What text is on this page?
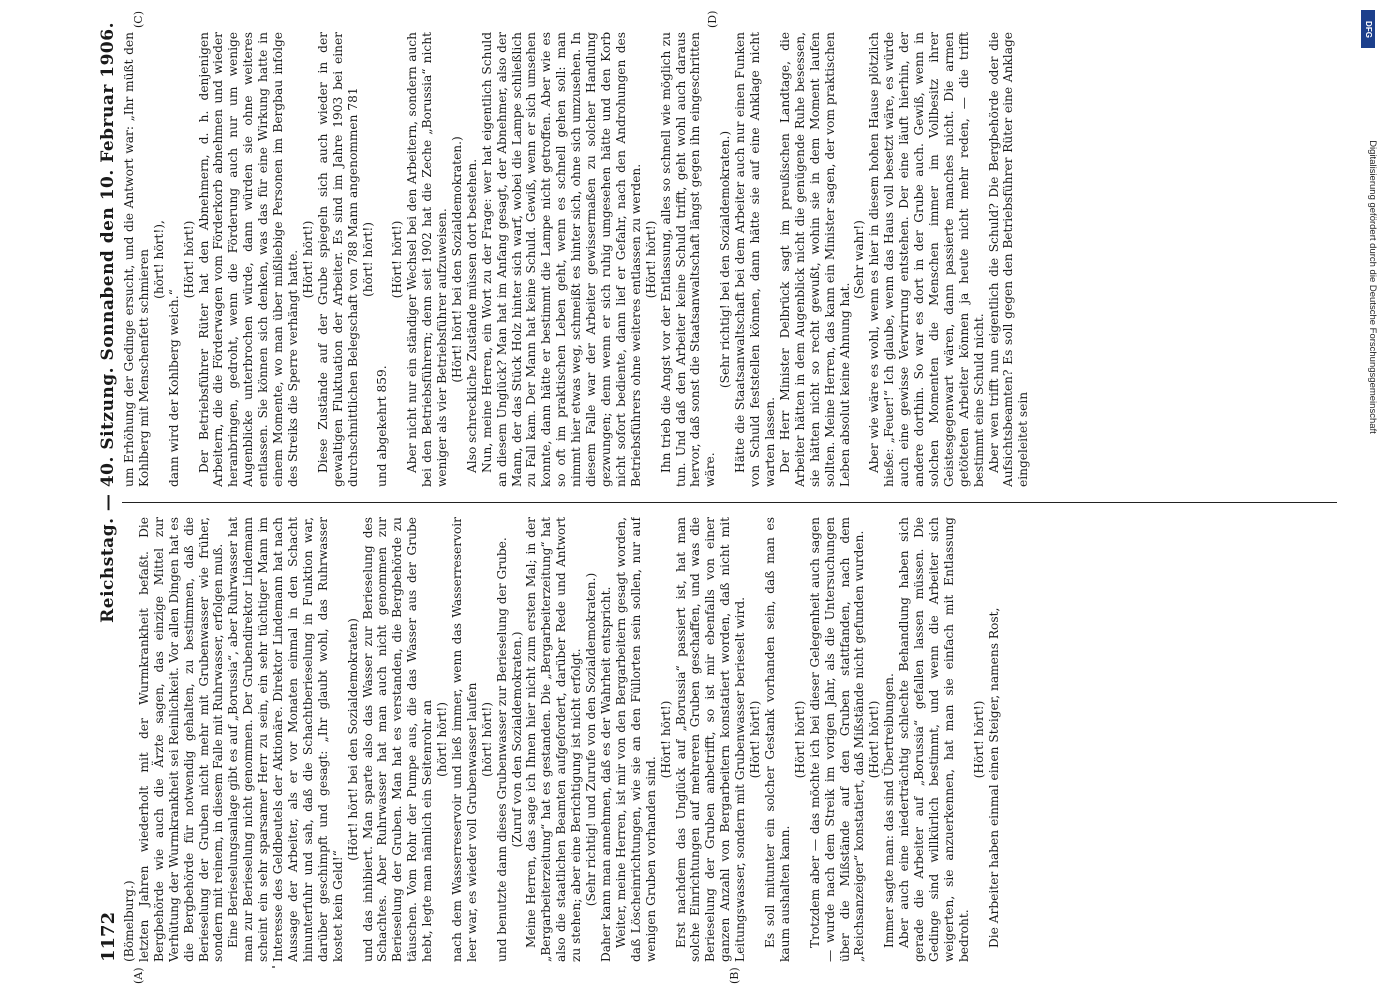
1172
Reichstag. — 40. Sitzung. Sonnabend den 10. Februar 1906.

(Bömelburg.) letzten Jahren wiederholt mit der Wurmkrankheit befaßt. Die Bergbehörde wie auch die Ärzte sagen, das einzige Mittel zur Verhütung der Wurmkrankheit sei Reinlichkeit. Vor allen Dingen hat es die Bergbehörde für notwendig gehalten, zu bestimmen, daß die Berieselung der Gruben nicht mehr mit Grubenwasser wie früher, sondern mit reinem, in diesem Falle mit Ruhrwasser, erfolgen muß. Eine Berieselungsanlage gibt es auf „Borussia“, aber Ruhrwasser hat man zur Berieselung nicht genommen. Der Grubendirektor Lindemann scheint ein sehr sparsamer Herr zu sein, ein sehr tüchtiger Mann im Interesse des Geldbeutels der Aktionäre. Direktor Lindemann hat nach Aussage der Arbeiter, als er vor Monaten einmal in den Schacht hinunterfuhr und sah, daß die Schachtberieselung in Funktion war, darüber geschimpft und gesagt: „Ihr glaubt wohl, das Ruhrwasser kostet kein Geld!“

(Hört! hört! bei den Sozialdemokraten) und das inhibiert. Man sparte also das Wasser zur Berieselung des Schachtes. Aber Ruhrwasser hat man auch nicht genommen zur Berieselung der Gruben. Man hat es verstanden, die Bergbehörde zu täuschen. Vom Rohr der Pumpe aus, die das Wasser aus der Grube hebt, legte man nämlich ein Seitenrohr an (hört! hört!) nach dem Wasserreservoir und ließ immer, wenn das Wasserreservoir leer war, es wieder voll Grubenwasser laufen (hört! hört!) und benutzte dann dieses Grubenwasser zur Berieselung der Grube. (Zuruf von den Sozialdemokraten.) Meine Herren, das sage ich Ihnen hier nicht zum ersten Mal; in der „Bergarbeiterzeitung“ hat es gestanden. Die „Bergarbeiterzeitung“ hat also die staatlichen Beamten aufgefordert, darüber Rede und Antwort zu stehen; aber eine Berichtigung ist nicht erfolgt. (Sehr richtig! und Zurufe von den Sozialdemokraten.) Daher kann man annehmen, daß es der Wahrheit entspricht. Weiter, meine Herren, ist mir von den Bergarbeitern gesagt worden, daß Löscheinrichtungen, wie sie an den Füllorten sein sollen, nur auf wenigen Gruben vorhanden sind.

(Hört! hört!) Erst nachdem das Unglück auf „Borussia“ passiert ist, hat man solche Einrichtungen auf mehreren Gruben geschaffen, und was die Berieselung der Gruben anbetrifft, so ist mir ebenfalls von einer ganzen Anzahl von Bergarbeitern konstatiert worden, daß nicht mit Leitungswasser, sondern mit Grubenwasser berieselt wird. (Hört! hört!) Es soll mitunter ein solcher Gestank vorhanden sein, daß man es kaum aushalten kann.

(Hört! hört!) Trotzdem aber — das möchte ich bei dieser Gelegenheit auch sagen — wurde nach dem Streik im vorigen Jahr, als die Untersuchungen über die Mißstände auf den Gruben stattfanden, nach dem „Reichsanzeiger“ konstatiert, daß Mißstände nicht gefunden wurden. (Hört! hört!) Immer sagte man: das sind Übertreibungen. Aber auch eine niederträchtig schlechte Behandlung haben sich gerade die Arbeiter auf „Borussia“ gefallen lassen müssen. Die Gedinge sind willkürlich bestimmt, und wenn die Arbeiter sich weigerten, sie anzuerkennen, hat man sie einfach mit Entlassung bedroht.

(Hört! hört!) Die Arbeiter haben einmal einen Steiger, namens Rost,

um Erhöhung der Gedinge ersucht, und die Antwort war: „Ihr müßt den Kohlberg mit Menschenfett schmieren (hört! hört!),

dann wird der Kohlberg weich.“

(Hört! hört!) Der Betriebsführer Rüter hat den Abnehmern, d. h. denjenigen Arbeitern, die die Förderwagen vom Förderkorb abnehmen und wieder heranbringen, gedroht, wenn die Förderung auch nur um wenige Augenblicke unterbrochen würde, dann würden sie ohne weiteres entlassen. Sie können sich denken, was das für eine Wirkung hatte in einem Momente, wo man über mißliebige Personen im Bergbau infolge des Streiks die Sperre verhängt hatte. (Hört! hört!) Diese Zustände auf der Grube spiegeln sich auch wieder in der gewaltigen Fluktuation der Arbeiter. Es sind im Jahre 1903 bei einer durchschnittlichen Belegschaft von 788 Mann angenommen 781 (hört! hört!)

und abgekehrt 859.

(Hört! hört!) Aber nicht nur ein ständiger Wechsel bei den Arbeitern, sondern auch bei den Betriebsführern; denn seit 1902 hat die Zeche „Borussia“ nicht weniger als vier Betriebsführer aufzuweisen. (Hört! hört! bei den Sozialdemokraten.) Also schreckliche Zustände müssen dort bestehen. Nun, meine Herren, ein Wort zu der Frage: wer hat eigentlich Schuld an diesem Unglück? Man hat im Anfang gesagt, der Abnehmer, also der Mann, der das Stück Holz hinter sich warf, wobei die Lampe schließlich zu Fall kam. Der Mann hat keine Schuld. Gewiß, wenn er sich umsehen konnte, dann hätte er bestimmt die Lampe nicht getroffen. Aber wie es so oft im praktischen Leben geht, wenn es schnell gehen soll: man nimmt hier etwas weg, schmeißt es hinter sich, ohne sich umzusehen. In diesem Falle war der Arbeiter gewissermaßen zu solcher Handlung gezwungen; denn wenn er sich ruhig umgesehen hätte und den Korb nicht sofort bediente, dann lief er Gefahr, nach den Androhungen des Betriebsführers ohne weiteres entlassen zu werden. (Hört! hört!) Ihn trieb die Angst vor der Entlassung, alles so schnell wie möglich zu tun. Und daß den Arbeiter keine Schuld trifft, geht wohl auch daraus hervor, daß sonst die Staatsanwaltschaft längst gegen ihn eingeschritten wäre.

(Sehr richtig! bei den Sozialdemokraten.) Hätte die Staatsanwaltschaft bei dem Arbeiter auch nur einen Funken von Schuld feststellen können, dann hätte sie auf eine Anklage nicht warten lassen. Der Herr Minister Delbrück sagt im preußischen Landtage, die Arbeiter hätten in dem Augenblick nicht die genügende Ruhe besessen, sie hätten nicht so recht gewußt, wohin sie in dem Moment laufen sollten. Meine Herren, das kann ein Minister sagen, der vom praktischen Leben absolut keine Ahnung hat.

(Sehr wahr!) Aber wie wäre es wohl, wenn es hier in diesem hohen Hause plötzlich hieße: „Feuer!“ Ich glaube, wenn das Haus voll besetzt wäre, es würde auch eine gewisse Verwirrung entstehen. Der eine läuft hierhin, der andere dorthin. So war es dort in der Grube auch. Gewiß, wenn in solchen Momenten die Menschen immer im Vollbesitz ihrer Geistesgegenwart wären, dann passierte manches nicht. Die armen getöteten Arbeiter können ja heute nicht mehr reden, — die trifft bestimmt eine Schuld nicht. Aber wen trifft nun eigentlich die Schuld? Die Bergbehörde oder die Aufsichtsbeamten? Es soll gegen den Betriebsführer Rüter eine Anklage eingeleitet sein

(A)	(B)
(C)	(D)
DFG
Digitalisierung gefördert durch die Deutsche Forschungsgemeinschaft
